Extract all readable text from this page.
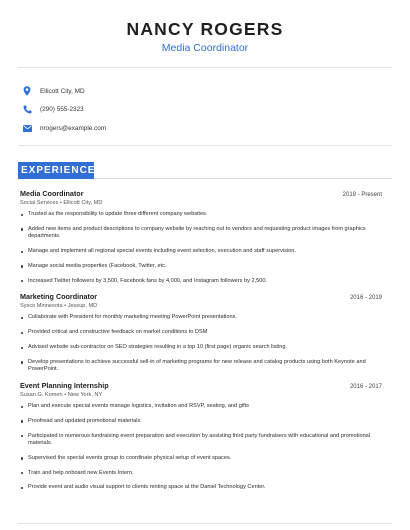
NANCY ROGERS
Media Coordinator
Ellicott City, MD
(290) 555-2323
nrogers@example.com
EXPERIENCE
Media Coordinator	2019 - Present
Social Services • Ellicott City, MD
Trusted as the responsibility to update three different company websites.
Added new items and product descriptions to company website by reaching out to vendors and requesting product images from graphics departments.
Manage and implement all regional special events including event selection, execution and staff supervision.
Manage social media properties (Facebook, Twitter, etc.
Increased Twitter followers by 3,500, Facebook fans by 4,000, and Instagram followers by 2,500.
Marketing Coordinator	2016 - 2019
Sysco Minnesota • Jessup, MD
Collaborate with President for monthly marketing meeting PowerPoint presentations.
Provided critical and constructive feedback on market conditions to DSM
Advised website sub-contractor on SEO strategies resulting in a top 10 (first page) organic search listing.
Develop presentations to achieve successful sell-in of marketing programs for new release and catalog products using both Keynote and PowerPoint.
Event Planning Internship	2016 - 2017
Susan G. Komen • New York, NY
Plan and execute special events manage logistics, invitation and RSVP, seating, and gifts
Proofread and updated promotional materials.
Participated in numerous fundraising event preparation and execution by assisting third party fundraisers with educational and promotional materials.
Supervised the special events group to coordinate physical setup of event spaces.
Train and help onboard new Events Intern.
Provide event and audio visual support to clients renting space at the Daniel Technology Center.
